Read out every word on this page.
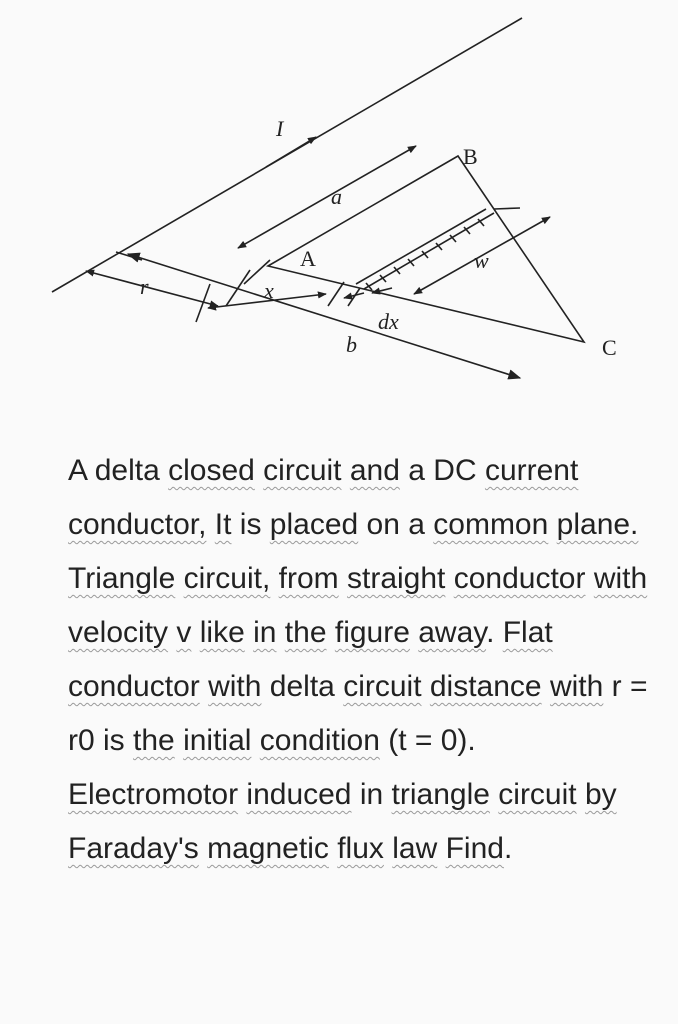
I
a
A
B
C
w
r	x
dx
b
A delta closed circuit and a DC current conductor, It is placed on a common plane. Triangle circuit, from straight conductor with velocity v like in the figure away. Flat conductor with delta circuit distance with r = r0 is the initial condition (t = 0). Electromotor induced in triangle circuit by Faraday's magnetic flux law Find.
